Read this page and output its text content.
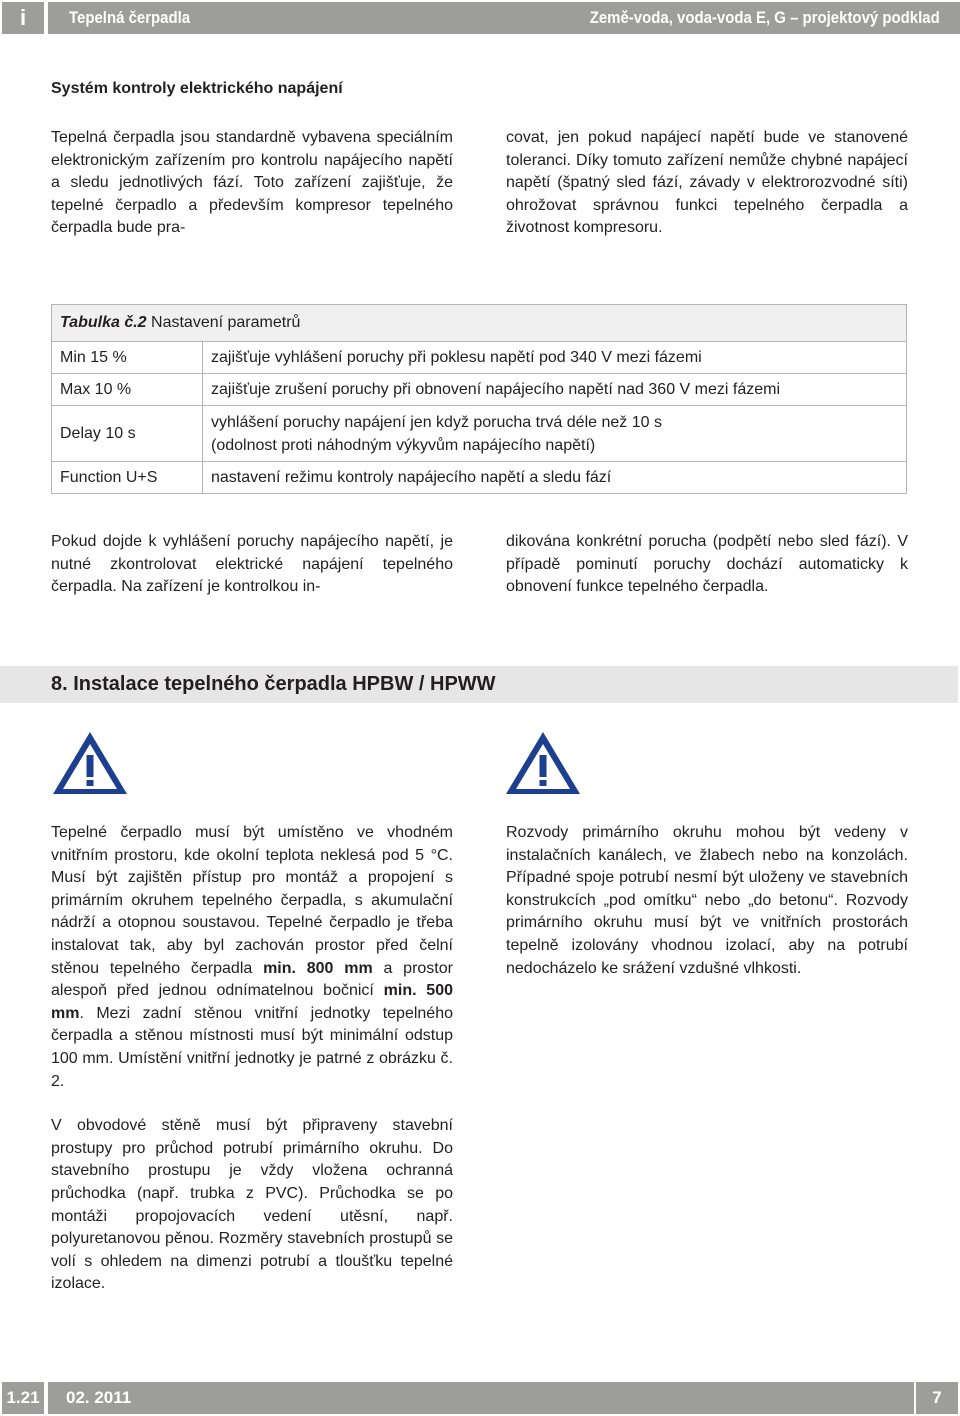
i	Tepelná čerpadla	Země-voda, voda-voda E, G – projektový podklad
Systém kontroly elektrického napájení

Tepelná čerpadla jsou standardně vybavena speciálním elektronickým zařízením pro kontrolu napájecího napětí a sledu jednotlivých fází. Toto zařízení zajišťuje, že tepelné čerpadlo a především kompresor tepelného čerpadla bude pra-

covat, jen pokud napájecí napětí bude ve stanovené toleranci. Díky tomuto zařízení nemůže chybné napájecí napětí (špatný sled fází, závady v elektrorozvodné síti) ohrožovat správnou funkci tepelného čerpadla a životnost kompresoru.

Tabulka č.2 Nastavení parametrů	
Min 15 %	zajišťuje vyhlášení poruchy při poklesu napětí pod 340 V mezi fázemi
Max 10 %	zajišťuje zrušení poruchy při obnovení napájecího napětí nad 360 V mezi fázemi
Delay 10 s	vyhlášení poruchy napájení jen když porucha trvá déle než 10 s
(odolnost proti náhodným výkyvům napájecího napětí)

Function U+S	nastavení režimu kontroly napájecího napětí a sledu fází

Pokud dojde k vyhlášení poruchy napájecího napětí, je nutné zkontrolovat elektrické napájení tepelného čerpadla. Na zařízení je kontrolkou in-

dikována konkrétní porucha (podpětí nebo sled fází). V případě pominutí poruchy dochází automaticky k obnovení funkce tepelného čerpadla.

8. Instalace tepelného čerpadla HPBW / HPWW

Tepelné čerpadlo musí být umístěno ve vhodném vnitřním prostoru, kde okolní teplota neklesá pod 5 °C. Musí být zajištěn přístup pro montáž a propojení s primárním okruhem tepelného čerpadla, s akumulační nádrží a otopnou soustavou. Tepelné čerpadlo je třeba instalovat tak, aby byl zachován prostor před čelní stěnou tepelného čerpadla min. 800 mm a prostor alespoň před jednou odnímatelnou bočnicí min. 500 mm. Mezi zadní stěnou vnitřní jednotky tepelného čerpadla a stěnou místnosti musí být minimální odstup 100 mm. Umístění vnitřní jednotky je patrné z obrázku č. 2.

V obvodové stěně musí být připraveny stavební prostupy pro průchod potrubí primárního okruhu. Do stavebního prostupu je vždy vložena ochranná průchodka (např. trubka z PVC). Průchodka se po montáži propojovacích vedení utěsní, např. polyuretanovou pěnou. Rozměry stavebních prostupů se volí s ohledem na dimenzi potrubí a tloušťku tepelné izolace.

Rozvody primárního okruhu mohou být vedeny v instalačních kanálech, ve žlabech nebo na konzolách. Případné spoje potrubí nesmí být uloženy ve stavebních konstrukcích „pod omítku“ nebo „do betonu“. Rozvody primárního okruhu musí být ve vnitřních prostorách tepelně izolovány vhodnou izolací, aby na potrubí nedocházelo ke srážení vzdušné vlhkosti.

1.21	02. 2011	7
